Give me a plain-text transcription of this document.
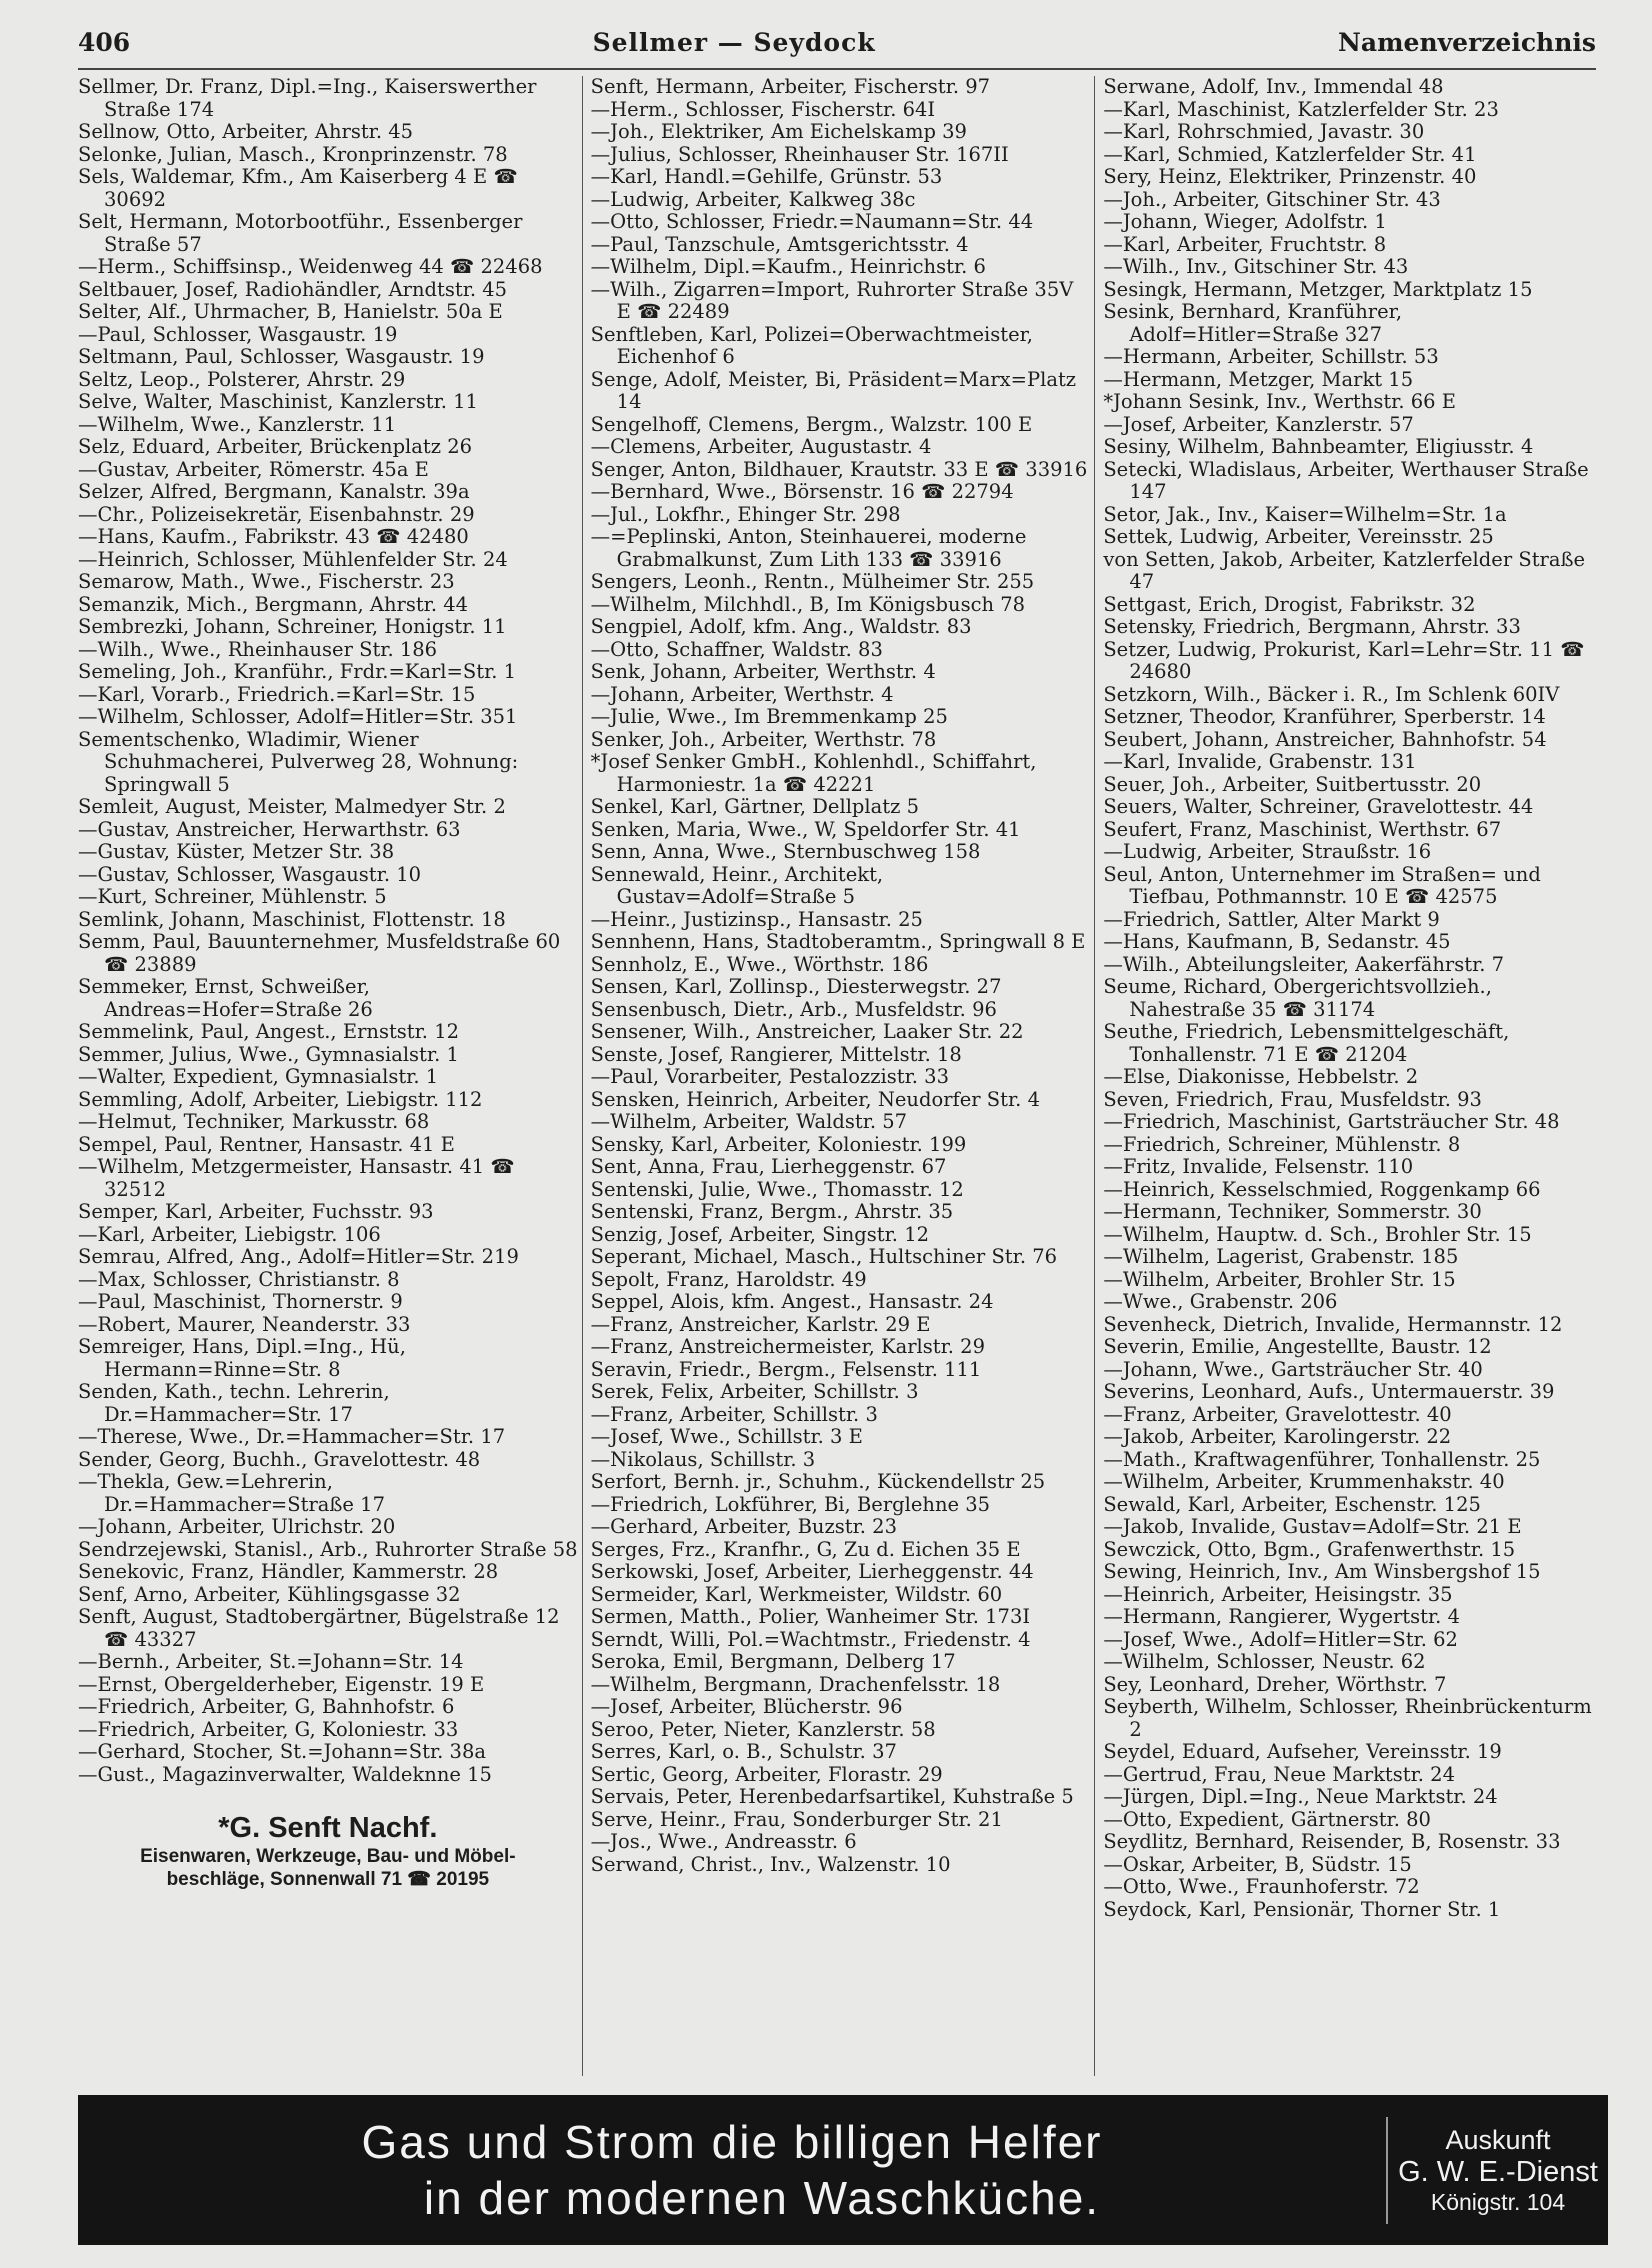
406	Sellmer — Seydock	Namenverzeichnis
Sellmer, Dr. Franz, Dipl.=Ing., Kaiserswerther Straße 174
Sellnow, Otto, Arbeiter, Ahrstr. 45
Selonke, Julian, Masch., Kronprinzenstr. 78
Sels, Waldemar, Kfm., Am Kaiserberg 4 E ☎ 30692
Selt, Hermann, Motorbootführ., Essenberger Straße 57
—Herm., Schiffsinsp., Weidenweg 44 ☎ 22468
Seltbauer, Josef, Radiohändler, Arndtstr. 45
Selter, Alf., Uhrmacher, B, Hanielstr. 50a E
—Paul, Schlosser, Wasgaustr. 19
Seltmann, Paul, Schlosser, Wasgaustr. 19
Seltz, Leop., Polsterer, Ahrstr. 29
Selve, Walter, Maschinist, Kanzlerstr. 11
—Wilhelm, Wwe., Kanzlerstr. 11
Selz, Eduard, Arbeiter, Brückenplatz 26
—Gustav, Arbeiter, Römerstr. 45a E
Selzer, Alfred, Bergmann, Kanalstr. 39a
—Chr., Polizeisekretär, Eisenbahnstr. 29
—Hans, Kaufm., Fabrikstr. 43 ☎ 42480
—Heinrich, Schlosser, Mühlenfelder Str. 24
Semarow, Math., Wwe., Fischerstr. 23
Semanzik, Mich., Bergmann, Ahrstr. 44
Sembrezki, Johann, Schreiner, Honigstr. 11
—Wilh., Wwe., Rheinhauser Str. 186
Semeling, Joh., Kranführ., Frdr.=Karl=Str. 1
—Karl, Vorarb., Friedrich.=Karl=Str. 15
—Wilhelm, Schlosser, Adolf=Hitler=Str. 351
Sementschenko, Wladimir, Wiener Schuhmacherei, Pulverweg 28, Wohnung: Springwall 5
Semleit, August, Meister, Malmedyer Str. 2
—Gustav, Anstreicher, Herwarthstr. 63
—Gustav, Küster, Metzer Str. 38
—Gustav, Schlosser, Wasgaustr. 10
—Kurt, Schreiner, Mühlenstr. 5
Semlink, Johann, Maschinist, Flottenstr. 18
Semm, Paul, Bauunternehmer, Musfeldstraße 60 ☎ 23889
Semmeker, Ernst, Schweißer, Andreas=Hofer=Straße 26
Semmelink, Paul, Angest., Ernststr. 12
Semmer, Julius, Wwe., Gymnasialstr. 1
—Walter, Expedient, Gymnasialstr. 1
Semmling, Adolf, Arbeiter, Liebigstr. 112
—Helmut, Techniker, Markusstr. 68
Sempel, Paul, Rentner, Hansastr. 41 E
—Wilhelm, Metzgermeister, Hansastr. 41 ☎ 32512
Semper, Karl, Arbeiter, Fuchsstr. 93
—Karl, Arbeiter, Liebigstr. 106
Semrau, Alfred, Ang., Adolf=Hitler=Str. 219
—Max, Schlosser, Christianstr. 8
—Paul, Maschinist, Thornerstr. 9
—Robert, Maurer, Neanderstr. 33
Semreiger, Hans, Dipl.=Ing., Hü, Hermann=Rinne=Str. 8
Senden, Kath., techn. Lehrerin, Dr.=Hammacher=Str. 17
—Therese, Wwe., Dr.=Hammacher=Str. 17
Sender, Georg, Buchh., Gravelottestr. 48
—Thekla, Gew.=Lehrerin, Dr.=Hammacher=Straße 17
—Johann, Arbeiter, Ulrichstr. 20
Sendrzejewski, Stanisl., Arb., Ruhrorter Straße 58
Senekovic, Franz, Händler, Kammerstr. 28
Senf, Arno, Arbeiter, Kühlingsgasse 32
Senft, August, Stadtobergärtner, Bügelstraße 12 ☎ 43327
—Bernh., Arbeiter, St.=Johann=Str. 14
—Ernst, Obergelderheber, Eigenstr. 19 E
—Friedrich, Arbeiter, G, Bahnhofstr. 6
—Friedrich, Arbeiter, G, Koloniestr. 33
—Gerhard, Stocher, St.=Johann=Str. 38a
—Gust., Magazinverwalter, Waldeknne 15
*G. Senft Nachf.
Eisenwaren, Werkzeuge, Bau- und Möbel-
beschläge, Sonnenwall 71 ☎ 20195
Senft, Hermann, Arbeiter, Fischerstr. 97
—Herm., Schlosser, Fischerstr. 64I
—Joh., Elektriker, Am Eichelskamp 39
—Julius, Schlosser, Rheinhauser Str. 167II
—Karl, Handl.=Gehilfe, Grünstr. 53
—Ludwig, Arbeiter, Kalkweg 38c
—Otto, Schlosser, Friedr.=Naumann=Str. 44
—Paul, Tanzschule, Amtsgerichtsstr. 4
—Wilhelm, Dipl.=Kaufm., Heinrichstr. 6
—Wilh., Zigarren=Import, Ruhrorter Straße 35V E ☎ 22489
Senftleben, Karl, Polizei=Oberwachtmeister, Eichenhof 6
Senge, Adolf, Meister, Bi, Präsident=Marx=Platz 14
Sengelhoff, Clemens, Bergm., Walzstr. 100 E
—Clemens, Arbeiter, Augustastr. 4
Senger, Anton, Bildhauer, Krautstr. 33 E ☎ 33916
—Bernhard, Wwe., Börsenstr. 16 ☎ 22794
—Jul., Lokfhr., Ehinger Str. 298
—=Peplinski, Anton, Steinhauerei, moderne Grabmalkunst, Zum Lith 133 ☎ 33916
Sengers, Leonh., Rentn., Mülheimer Str. 255
—Wilhelm, Milchhdl., B, Im Königsbusch 78
Sengpiel, Adolf, kfm. Ang., Waldstr. 83
—Otto, Schaffner, Waldstr. 83
Senk, Johann, Arbeiter, Werthstr. 4
—Johann, Arbeiter, Werthstr. 4
—Julie, Wwe., Im Bremmenkamp 25
Senker, Joh., Arbeiter, Werthstr. 78
*Josef Senker GmbH., Kohlenhdl., Schiffahrt, Harmoniestr. 1a ☎ 42221
Senkel, Karl, Gärtner, Dellplatz 5
Senken, Maria, Wwe., W, Speldorfer Str. 41
Senn, Anna, Wwe., Sternbuschweg 158
Sennewald, Heinr., Architekt, Gustav=Adolf=Straße 5
—Heinr., Justizinsp., Hansastr. 25
Sennhenn, Hans, Stadtoberamtm., Springwall 8 E
Sennholz, E., Wwe., Wörthstr. 186
Sensen, Karl, Zollinsp., Diesterwegstr. 27
Sensenbusch, Dietr., Arb., Musfeldstr. 96
Sensener, Wilh., Anstreicher, Laaker Str. 22
Senste, Josef, Rangierer, Mittelstr. 18
—Paul, Vorarbeiter, Pestalozzistr. 33
Sensken, Heinrich, Arbeiter, Neudorfer Str. 4
—Wilhelm, Arbeiter, Waldstr. 57
Sensky, Karl, Arbeiter, Koloniestr. 199
Sent, Anna, Frau, Lierheggenstr. 67
Sentenski, Julie, Wwe., Thomasstr. 12
Sentenski, Franz, Bergm., Ahrstr. 35
Senzig, Josef, Arbeiter, Singstr. 12
Seperant, Michael, Masch., Hultschiner Str. 76
Sepolt, Franz, Haroldstr. 49
Seppel, Alois, kfm. Angest., Hansastr. 24
—Franz, Anstreicher, Karlstr. 29 E
—Franz, Anstreichermeister, Karlstr. 29
Seravin, Friedr., Bergm., Felsenstr. 111
Serek, Felix, Arbeiter, Schillstr. 3
—Franz, Arbeiter, Schillstr. 3
—Josef, Wwe., Schillstr. 3 E
—Nikolaus, Schillstr. 3
Serfort, Bernh. jr., Schuhm., Kückendellstr 25
—Friedrich, Lokführer, Bi, Berglehne 35
—Gerhard, Arbeiter, Buzstr. 23
Serges, Frz., Kranfhr., G, Zu d. Eichen 35 E
Serkowski, Josef, Arbeiter, Lierheggenstr. 44
Sermeider, Karl, Werkmeister, Wildstr. 60
Sermen, Matth., Polier, Wanheimer Str. 173I
Serndt, Willi, Pol.=Wachtmstr., Friedenstr. 4
Seroka, Emil, Bergmann, Delberg 17
—Wilhelm, Bergmann, Drachenfelsstr. 18
—Josef, Arbeiter, Blücherstr. 96
Seroo, Peter, Nieter, Kanzlerstr. 58
Serres, Karl, o. B., Schulstr. 37
Sertic, Georg, Arbeiter, Florastr. 29
Servais, Peter, Herenbedarfsartikel, Kuhstraße 5
Serve, Heinr., Frau, Sonderburger Str. 21
—Jos., Wwe., Andreasstr. 6
Serwand, Christ., Inv., Walzenstr. 10
Serwane, Adolf, Inv., Immendal 48
—Karl, Maschinist, Katzlerfelder Str. 23
—Karl, Rohrschmied, Javastr. 30
—Karl, Schmied, Katzlerfelder Str. 41
Sery, Heinz, Elektriker, Prinzenstr. 40
—Joh., Arbeiter, Gitschiner Str. 43
—Johann, Wieger, Adolfstr. 1
—Karl, Arbeiter, Fruchtstr. 8
—Wilh., Inv., Gitschiner Str. 43
Sesingk, Hermann, Metzger, Marktplatz 15
Sesink, Bernhard, Kranführer, Adolf=Hitler=Straße 327
—Hermann, Arbeiter, Schillstr. 53
—Hermann, Metzger, Markt 15
*Johann Sesink, Inv., Werthstr. 66 E
—Josef, Arbeiter, Kanzlerstr. 57
Sesiny, Wilhelm, Bahnbeamter, Eligiusstr. 4
Setecki, Wladislaus, Arbeiter, Werthauser Straße 147
Setor, Jak., Inv., Kaiser=Wilhelm=Str. 1a
Settek, Ludwig, Arbeiter, Vereinsstr. 25
von Setten, Jakob, Arbeiter, Katzlerfelder Straße 47
Settgast, Erich, Drogist, Fabrikstr. 32
Setensky, Friedrich, Bergmann, Ahrstr. 33
Setzer, Ludwig, Prokurist, Karl=Lehr=Str. 11 ☎ 24680
Setzkorn, Wilh., Bäcker i. R., Im Schlenk 60IV
Setzner, Theodor, Kranführer, Sperberstr. 14
Seubert, Johann, Anstreicher, Bahnhofstr. 54
—Karl, Invalide, Grabenstr. 131
Seuer, Joh., Arbeiter, Suitbertusstr. 20
Seuers, Walter, Schreiner, Gravelottestr. 44
Seufert, Franz, Maschinist, Werthstr. 67
—Ludwig, Arbeiter, Straußstr. 16
Seul, Anton, Unternehmer im Straßen= und Tiefbau, Pothmannstr. 10 E ☎ 42575
—Friedrich, Sattler, Alter Markt 9
—Hans, Kaufmann, B, Sedanstr. 45
—Wilh., Abteilungsleiter, Aakerfährstr. 7
Seume, Richard, Obergerichtsvollzieh., Nahestraße 35 ☎ 31174
Seuthe, Friedrich, Lebensmittelgeschäft, Tonhallenstr. 71 E ☎ 21204
—Else, Diakonisse, Hebbelstr. 2
Seven, Friedrich, Frau, Musfeldstr. 93
—Friedrich, Maschinist, Gartsträucher Str. 48
—Friedrich, Schreiner, Mühlenstr. 8
—Fritz, Invalide, Felsenstr. 110
—Heinrich, Kesselschmied, Roggenkamp 66
—Hermann, Techniker, Sommerstr. 30
—Wilhelm, Hauptw. d. Sch., Brohler Str. 15
—Wilhelm, Lagerist, Grabenstr. 185
—Wilhelm, Arbeiter, Brohler Str. 15
—Wwe., Grabenstr. 206
Sevenheck, Dietrich, Invalide, Hermannstr. 12
Severin, Emilie, Angestellte, Baustr. 12
—Johann, Wwe., Gartsträucher Str. 40
Severins, Leonhard, Aufs., Untermauerstr. 39
—Franz, Arbeiter, Gravelottestr. 40
—Jakob, Arbeiter, Karolingerstr. 22
—Math., Kraftwagenführer, Tonhallenstr. 25
—Wilhelm, Arbeiter, Krummenhakstr. 40
Sewald, Karl, Arbeiter, Eschenstr. 125
—Jakob, Invalide, Gustav=Adolf=Str. 21 E
Sewczick, Otto, Bgm., Grafenwerthstr. 15
Sewing, Heinrich, Inv., Am Winsbergshof 15
—Heinrich, Arbeiter, Heisingstr. 35
—Hermann, Rangierer, Wygertstr. 4
—Josef, Wwe., Adolf=Hitler=Str. 62
—Wilhelm, Schlosser, Neustr. 62
Sey, Leonhard, Dreher, Wörthstr. 7
Seyberth, Wilhelm, Schlosser, Rheinbrückenturm 2
Seydel, Eduard, Aufseher, Vereinsstr. 19
—Gertrud, Frau, Neue Marktstr. 24
—Jürgen, Dipl.=Ing., Neue Marktstr. 24
—Otto, Expedient, Gärtnerstr. 80
Seydlitz, Bernhard, Reisender, B, Rosenstr. 33
—Oskar, Arbeiter, B, Südstr. 15
—Otto, Wwe., Fraunhoferstr. 72
Seydock, Karl, Pensionär, Thorner Str. 1
Gas und Strom die billigen Helfer
in der modernen Waschküche.
Auskunft
G. W. E.-Dienst
Königstr. 104
